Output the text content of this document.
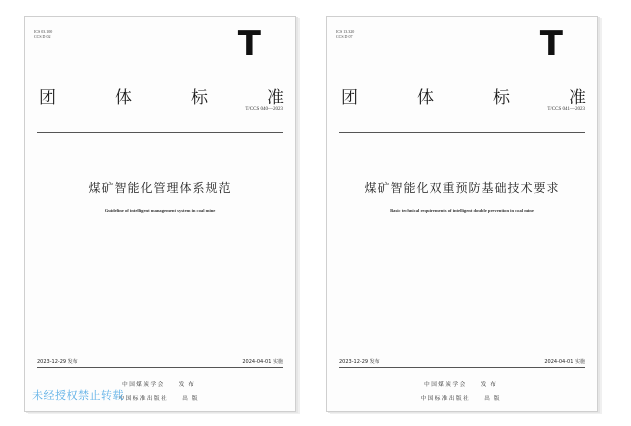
ICS 03.100
CCS D 02	T
团	体	标	准
T/CCS 040—2023
煤矿智能化管理体系规范
Guideline of intelligent management system in coal mine
2023-12-29 发布	2024-04-01 实施
中国煤炭学会	发布
中国标准出版社	出版
ICS 13.320
CCS D 07	T
团	体	标	准
T/CCS 041—2023
煤矿智能化双重预防基础技术要求
Basic technical requirements of intelligent double prevention in coal mine
2023-12-29 发布	2024-04-01 实施
中国煤炭学会	发布
中国标准出版社	出版
未经授权禁止转载
